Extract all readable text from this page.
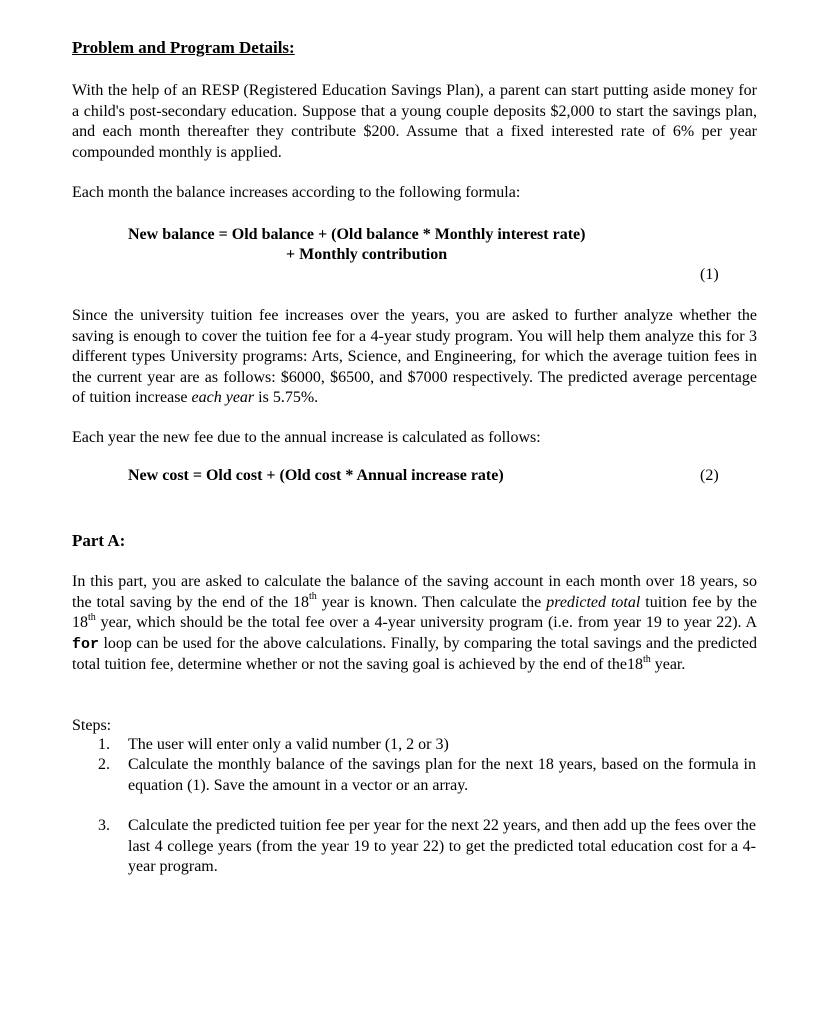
Problem and Program Details:
With the help of an RESP (Registered Education Savings Plan), a parent can start putting aside money for a child's post-secondary education. Suppose that a young couple deposits $2,000 to start the savings plan, and each month thereafter they contribute $200. Assume that a fixed interested rate of 6% per year compounded monthly is applied.
Each month the balance increases according to the following formula:
New balance = Old balance + (Old balance * Monthly interest rate)
+ Monthly contribution
(1)
Since the university tuition fee increases over the years, you are asked to further analyze whether the saving is enough to cover the tuition fee for a 4-year study program. You will help them analyze this for 3 different types University programs: Arts, Science, and Engineering, for which the average tuition fees in the current year are as follows: $6000, $6500, and $7000 respectively. The predicted average percentage of tuition increase each year is 5.75%.
Each year the new fee due to the annual increase is calculated as follows:
New cost = Old cost + (Old cost * Annual increase rate)	(2)
Part A:
In this part, you are asked to calculate the balance of the saving account in each month over 18 years, so the total saving by the end of the 18th year is known. Then calculate the predicted total tuition fee by the 18th year, which should be the total fee over a 4-year university program (i.e. from year 19 to year 22). A for loop can be used for the above calculations. Finally, by comparing the total savings and the predicted total tuition fee, determine whether or not the saving goal is achieved by the end of the18th year.
Steps:
1.	The user will enter only a valid number (1, 2 or 3)
2.	Calculate the monthly balance of the savings plan for the next 18 years, based on the formula in equation (1). Save the amount in a vector or an array.
3.	Calculate the predicted tuition fee per year for the next 22 years, and then add up the fees over the last 4 college years (from the year 19 to year 22) to get the predicted total education cost for a 4-year program.
